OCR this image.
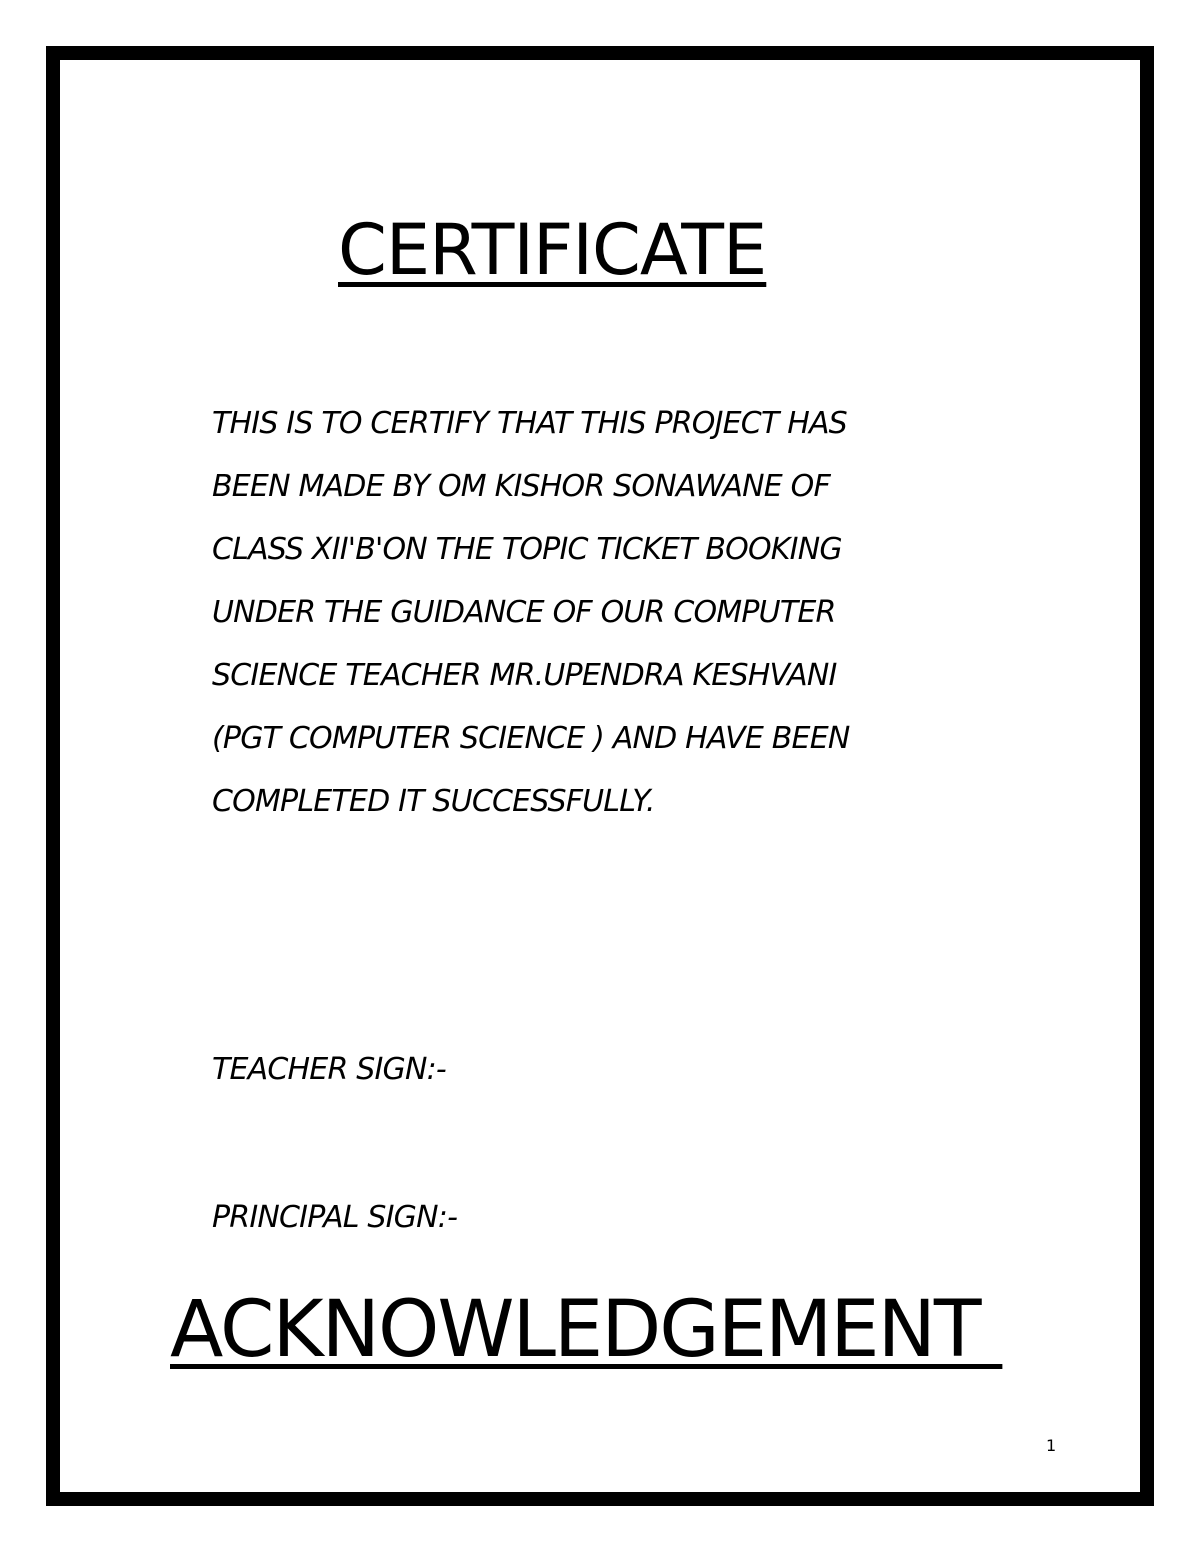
CERTIFICATE
THIS IS TO CERTIFY THAT THIS PROJECT HAS
BEEN MADE BY OM KISHOR SONAWANE OF
CLASS XII'B'ON THE TOPIC TICKET BOOKING
UNDER THE GUIDANCE OF OUR COMPUTER
SCIENCE TEACHER MR.UPENDRA KESHVANI
(PGT COMPUTER SCIENCE ) AND HAVE BEEN
COMPLETED IT SUCCESSFULLY.
TEACHER SIGN:-
PRINCIPAL SIGN:-
ACKNOWLEDGEMENT
1
